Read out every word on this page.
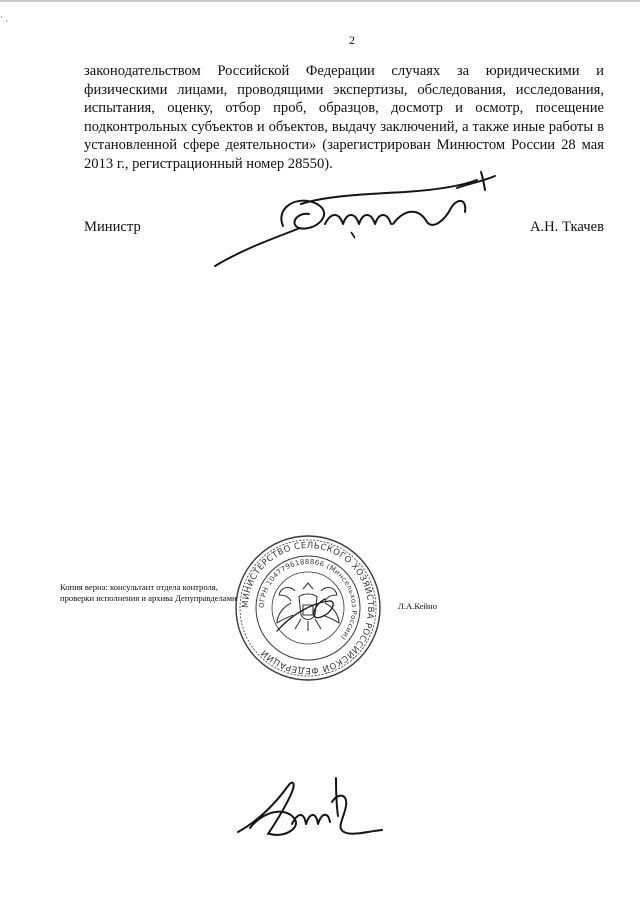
· ˎ
2
законодательством Российской Федерации случаях за юридическими и физическими лицами, проводящими экспертизы, обследования, исследования, испытания, оценку, отбор проб, образцов, досмотр и осмотр, посещение подконтрольных субъектов и объектов, выдачу заключений, а также иные работы в установленной сфере деятельности» (зарегистрирован Минюстом России 28 мая 2013 г., регистрационный номер 28550).
Министр	А.Н. Ткачев
МИНИСТЕРСТВО СЕЛЬСКОГО ХОЗЯЙСТВА РОССИЙСКОЙ ФЕДЕРАЦИИ
ОГРН 1047796188866 (Минсельхоз России)
Копия верна: консультант отдела контроля, проверки исполнения и архива Депуправделами
Л.А.Кейно
